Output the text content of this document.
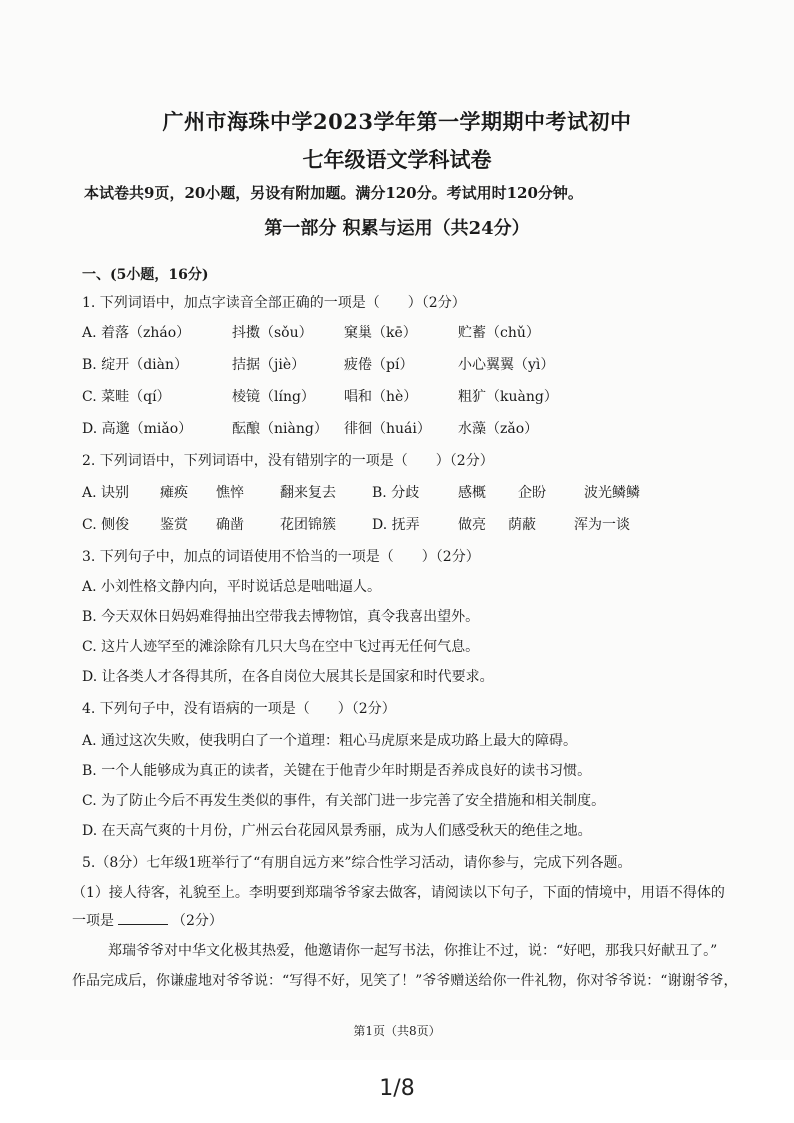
广州市海珠中学2023学年第一学期期中考试初中
七年级语文学科试卷
本试卷共9页，20小题，另设有附加题。满分120分。考试用时120分钟。
第一部分 积累与运用（共24分）
一、(5小题，16分)
1. 下列词语中，加点字读音全部正确的一项是（　　）（2分）
A. 着落（zháo）	抖擞（sǒu） 窠巢（kē）	贮蓄（chǔ）
B. 绽开（diàn）	拮据（jiè）	疲倦（pí）	小心翼翼（yì）
C. 菜畦（qí）	棱镜（líng） 唱和（hè）	粗犷（kuàng）
D. 高邈（miǎo）	酝酿（niàng） 徘徊（huái） 水藻（zǎo）
2. 下列词语中，下列词语中，没有错别字的一项是（　　）（2分）
A. 诀别 瘫痪 憔悴	翻来复去	B. 分歧	感概 企盼	波光鳞鳞
C. 侧俊 鉴赏 确凿	花团锦簇	D. 抚弄	做亮 荫蔽	浑为一谈
3. 下列句子中，加点的词语使用不恰当的一项是（　　）（2分）
A. 小刘性格文静内向，平时说话总是咄咄逼人。
B. 今天双休日妈妈难得抽出空带我去博物馆，真令我喜出望外。
C. 这片人迹罕至的滩涂除有几只大鸟在空中飞过再无任何气息。
D. 让各类人才各得其所，在各自岗位大展其长是国家和时代要求。
4. 下列句子中，没有语病的一项是（　　）（2分）
A. 通过这次失败，使我明白了一个道理：粗心马虎原来是成功路上最大的障碍。
B. 一个人能够成为真正的读者，关键在于他青少年时期是否养成良好的读书习惯。
C. 为了防止今后不再发生类似的事件，有关部门进一步完善了安全措施和相关制度。
D. 在天高气爽的十月份，广州云台花园风景秀丽，成为人们感受秋天的绝佳之地。
5.（8分）七年级1班举行了“有朋自远方来”综合性学习活动，请你参与，完成下列各题。
（1）接人待客，礼貌至上。李明要到郑瑞爷爷家去做客，请阅读以下句子，下面的情境中，用语不得体的
一项是	（2分）
郑瑞爷爷对中华文化极其热爱，他邀请你一起写书法，你推让不过，说：“好吧，那我只好献丑了。”
作品完成后，你谦虚地对爷爷说：“写得不好，见笑了！”爷爷赠送给你一件礼物，你对爷爷说：“谢谢爷爷，
第1页（共8页）
1/8
